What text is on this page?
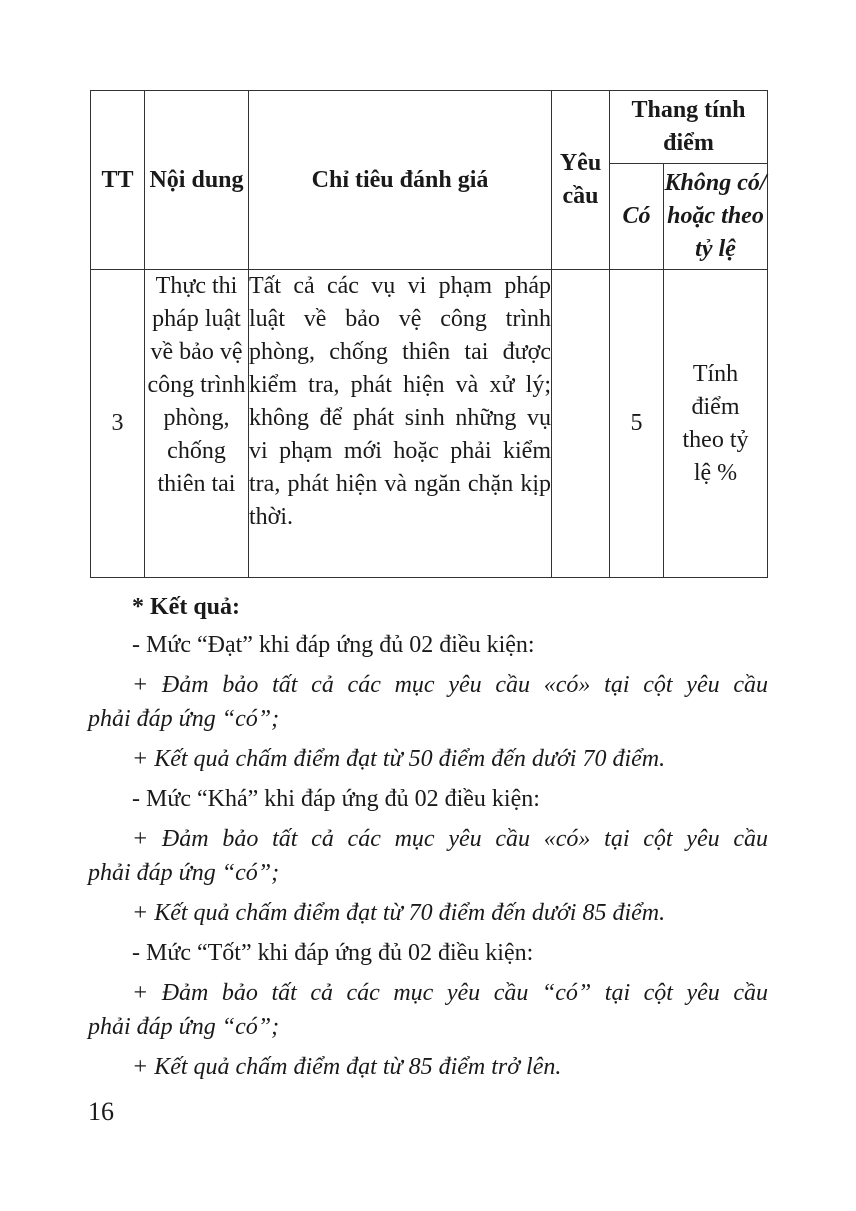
TT	Nội dung	Chỉ tiêu đánh giá	Yêu cầu	Thang tính điểm	
				Có	Không có/ hoặc theo tỷ lệ
3	Thực thi pháp luật về bảo vệ công trình phòng, chống thiên tai	Tất cả các vụ vi phạm pháp luật về bảo vệ công trình phòng, chống thiên tai được kiểm tra, phát hiện và xử lý; không để phát sinh những vụ vi phạm mới hoặc phải kiểm tra, phát hiện và ngăn chặn kịp thời.		5	Tính điểm theo tỷ lệ %

* Kết quả:

- Mức “Đạt” khi đáp ứng đủ 02 điều kiện:

+ Đảm bảo tất cả các mục yêu cầu «có» tại cột yêu cầu

phải đáp ứng “có”;

+ Kết quả chấm điểm đạt từ 50 điểm đến dưới 70 điểm.

- Mức “Khá” khi đáp ứng đủ 02 điều kiện:

+ Đảm bảo tất cả các mục yêu cầu «có» tại cột yêu cầu

phải đáp ứng “có”;

+ Kết quả chấm điểm đạt từ 70 điểm đến dưới 85 điểm.

- Mức “Tốt” khi đáp ứng đủ 02 điều kiện:

+ Đảm bảo tất cả các mục yêu cầu “có” tại cột yêu cầu

phải đáp ứng “có”;

+ Kết quả chấm điểm đạt từ 85 điểm trở lên.

16
